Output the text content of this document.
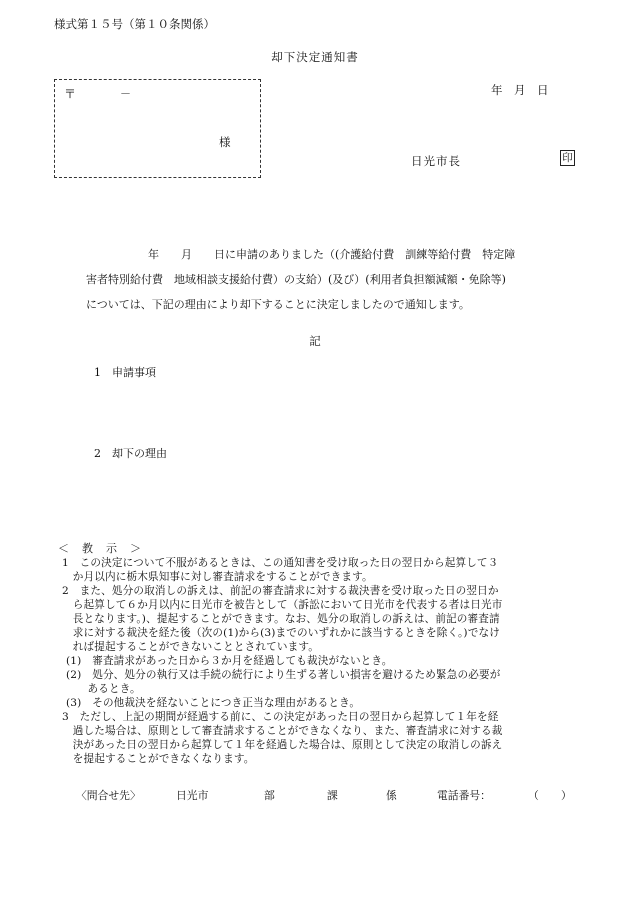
様式第１５号（第１０条関係）
却下決定通知書
〒	－
様
年　月　日
日光市長	印
年　　月　　日に申請のありました（(介護給付費　訓練等給付費　特定障
害者特別給付費　地域相談支援給付費）の支給）(及び）(利用者負担額減額・免除等)
については、下記の理由により却下することに決定しましたので通知します。
記
1　申請事項
2　却下の理由
＜　教　示　＞
1　この決定について不服があるときは、この通知書を受け取った日の翌日から起算して３
　か月以内に栃木県知事に対し審査請求をすることができます。
2　また、処分の取消しの訴えは、前記の審査請求に対する裁決書を受け取った日の翌日か
　ら起算して６か月以内に日光市を被告として（訴訟において日光市を代表する者は日光市
　長となります。)、提起することができます。なお、処分の取消しの訴えは、前記の審査請
　求に対する裁決を経た後（次の(1)から(3)までのいずれかに該当するときを除く。)でなけ
　れば提起することができないこととされています。
(1)　審査請求があった日から３か月を経過しても裁決がないとき。
(2)　処分、処分の執行又は手続の続行により生ずる著しい損害を避けるため緊急の必要が
　　あるとき。
(3)　その他裁決を経ないことにつき正当な理由があるとき。
3　ただし、上記の期間が経過する前に、この決定があった日の翌日から起算して１年を経
　過した場合は、原則として審査請求することができなくなり、また、審査請求に対する裁
　決があった日の翌日から起算して１年を経過した場合は、原則として決定の取消しの訴え
　を提起することができなくなります。
〈問合せ先〉	日光市	部	課	係	電話番号：	（ ）
